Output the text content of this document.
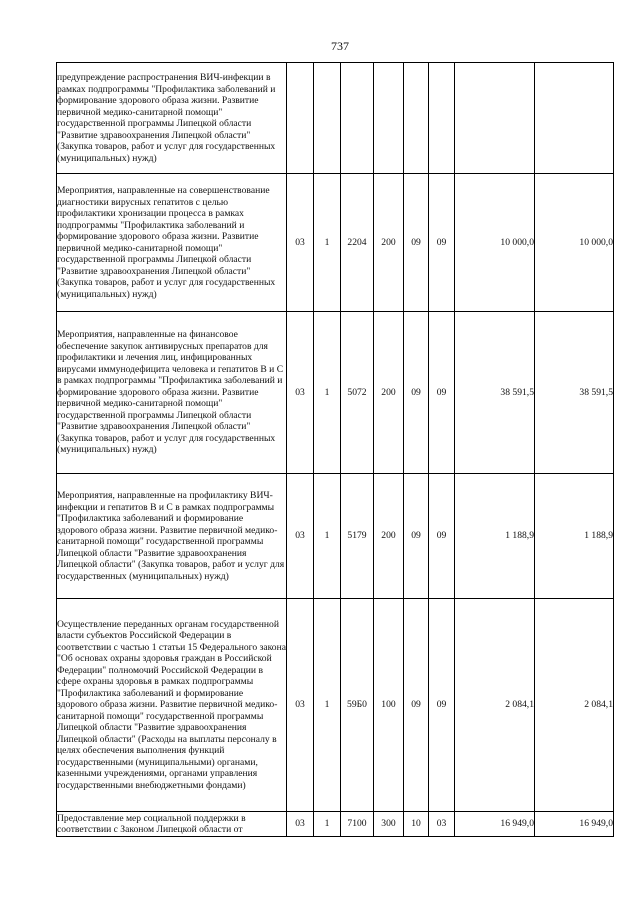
737
предупреждение распространения ВИЧ-инфекции в рамках подпрограммы "Профилактика заболеваний и формирование здорового образа жизни. Развитие первичной медико-санитарной помощи" государственной программы Липецкой области "Развитие здравоохранения Липецкой области" (Закупка товаров, работ и услуг для государственных (муниципальных) нужд)								
Мероприятия, направленные на совершенствование диагностики вирусных гепатитов с целью профилактики хронизации процесса в рамках подпрограммы "Профилактика заболеваний и формирование здорового образа жизни. Развитие первичной медико-санитарной помощи" государственной программы Липецкой области "Развитие здравоохранения Липецкой области" (Закупка товаров, работ и услуг для государственных (муниципальных) нужд)	03	1	2204	200	09	09	10 000,0	10 000,0
Мероприятия, направленные на финансовое обеспечение закупок антивирусных препаратов для профилактики и лечения лиц, инфицированных вирусами иммунодефицита человека и гепатитов В и С в рамках подпрограммы "Профилактика заболеваний и формирование здорового образа жизни. Развитие первичной медико-санитарной помощи" государственной программы Липецкой области "Развитие здравоохранения Липецкой области" (Закупка товаров, работ и услуг для государственных (муниципальных) нужд)	03	1	5072	200	09	09	38 591,5	38 591,5
Мероприятия, направленные на профилактику ВИЧ-инфекции и гепатитов В и С в рамках подпрограммы "Профилактика заболеваний и формирование здорового образа жизни. Развитие первичной медико-санитарной помощи" государственной программы Липецкой области "Развитие здравоохранения Липецкой области" (Закупка товаров, работ и услуг для государственных (муниципальных) нужд)	03	1	5179	200	09	09	1 188,9	1 188,9
Осуществление переданных органам государственной власти субъектов Российской Федерации в соответствии с частью 1 статьи 15 Федерального закона "Об основах охраны здоровья граждан в Российской Федерации" полномочий Российской Федерации в сфере охраны здоровья в рамках подпрограммы "Профилактика заболеваний и формирование здорового образа жизни. Развитие первичной медико-санитарной помощи" государственной программы Липецкой области "Развитие здравоохранения Липецкой области" (Расходы на выплаты персоналу в целях обеспечения выполнения функций государственными (муниципальными) органами, казенными учреждениями, органами управления государственными внебюджетными фондами)	03	1	59Б0	100	09	09	2 084,1	2 084,1
Предоставление мер социальной поддержки в соответствии с Законом Липецкой области от	03	1	7100	300	10	03	16 949,0	16 949,0
